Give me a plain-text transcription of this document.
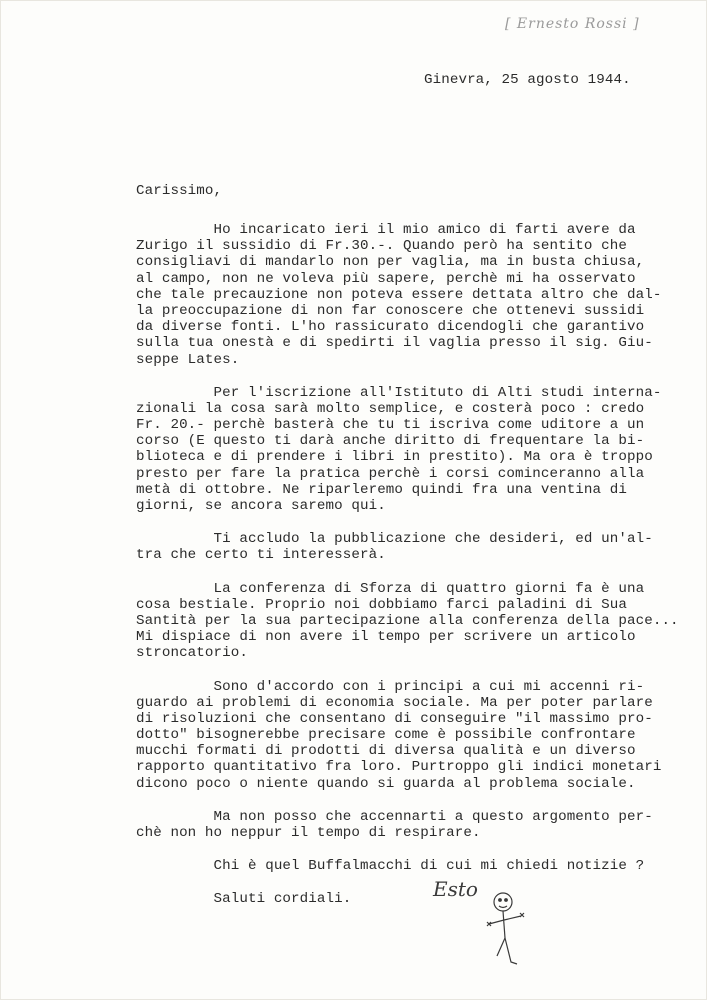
[ Ernesto Rossi ]
Ginevra, 25 agosto 1944.
Carissimo,
Ho incaricato ieri il mio amico di farti avere da
Zurigo il sussidio di Fr.30.-. Quando però ha sentito che
consigliavi di mandarlo non per vaglia, ma in busta chiusa,
al campo, non ne voleva più sapere, perchè mi ha osservato
che tale precauzione non poteva essere dettata altro che dal-
la preoccupazione di non far conoscere che ottenevi sussidi
da diverse fonti. L'ho rassicurato dicendogli che garantivo
sulla tua onestà e di spedirti il vaglia presso il sig. Giu-
seppe Lates.
Per l'iscrizione all'Istituto di Alti studi interna-
zionali la cosa sarà molto semplice, e costerà poco : credo
Fr. 20.- perchè basterà che tu ti iscriva come uditore a un
corso (E questo ti darà anche diritto di frequentare la bi-
blioteca e di prendere i libri in prestito). Ma ora è troppo
presto per fare la pratica perchè i corsi cominceranno alla
metà di ottobre. Ne riparleremo quindi fra una ventina di
giorni, se ancora saremo qui.
Ti accludo la pubblicazione che desideri, ed un'al-
tra che certo ti interesserà.
La conferenza di Sforza di quattro giorni fa è una
cosa bestiale. Proprio noi dobbiamo farci paladini di Sua
Santità per la sua partecipazione alla conferenza della pace...
Mi dispiace di non avere il tempo per scrivere un articolo
stroncatorio.
Sono d'accordo con i principi a cui mi accenni ri-
guardo ai problemi di economia sociale. Ma per poter parlare
di risoluzioni che consentano di conseguire "il massimo pro-
dotto" bisognerebbe precisare come è possibile confrontare
mucchi formati di prodotti di diversa qualità e un diverso
rapporto quantitativo fra loro. Purtroppo gli indici monetari
dicono poco o niente quando si guarda al problema sociale.
Ma non posso che accennarti a questo argomento per-
chè non ho neppur il tempo di respirare.
Chi è quel Buffalmacchi di cui mi chiedi notizie ?
Saluti cordiali.	Esto
